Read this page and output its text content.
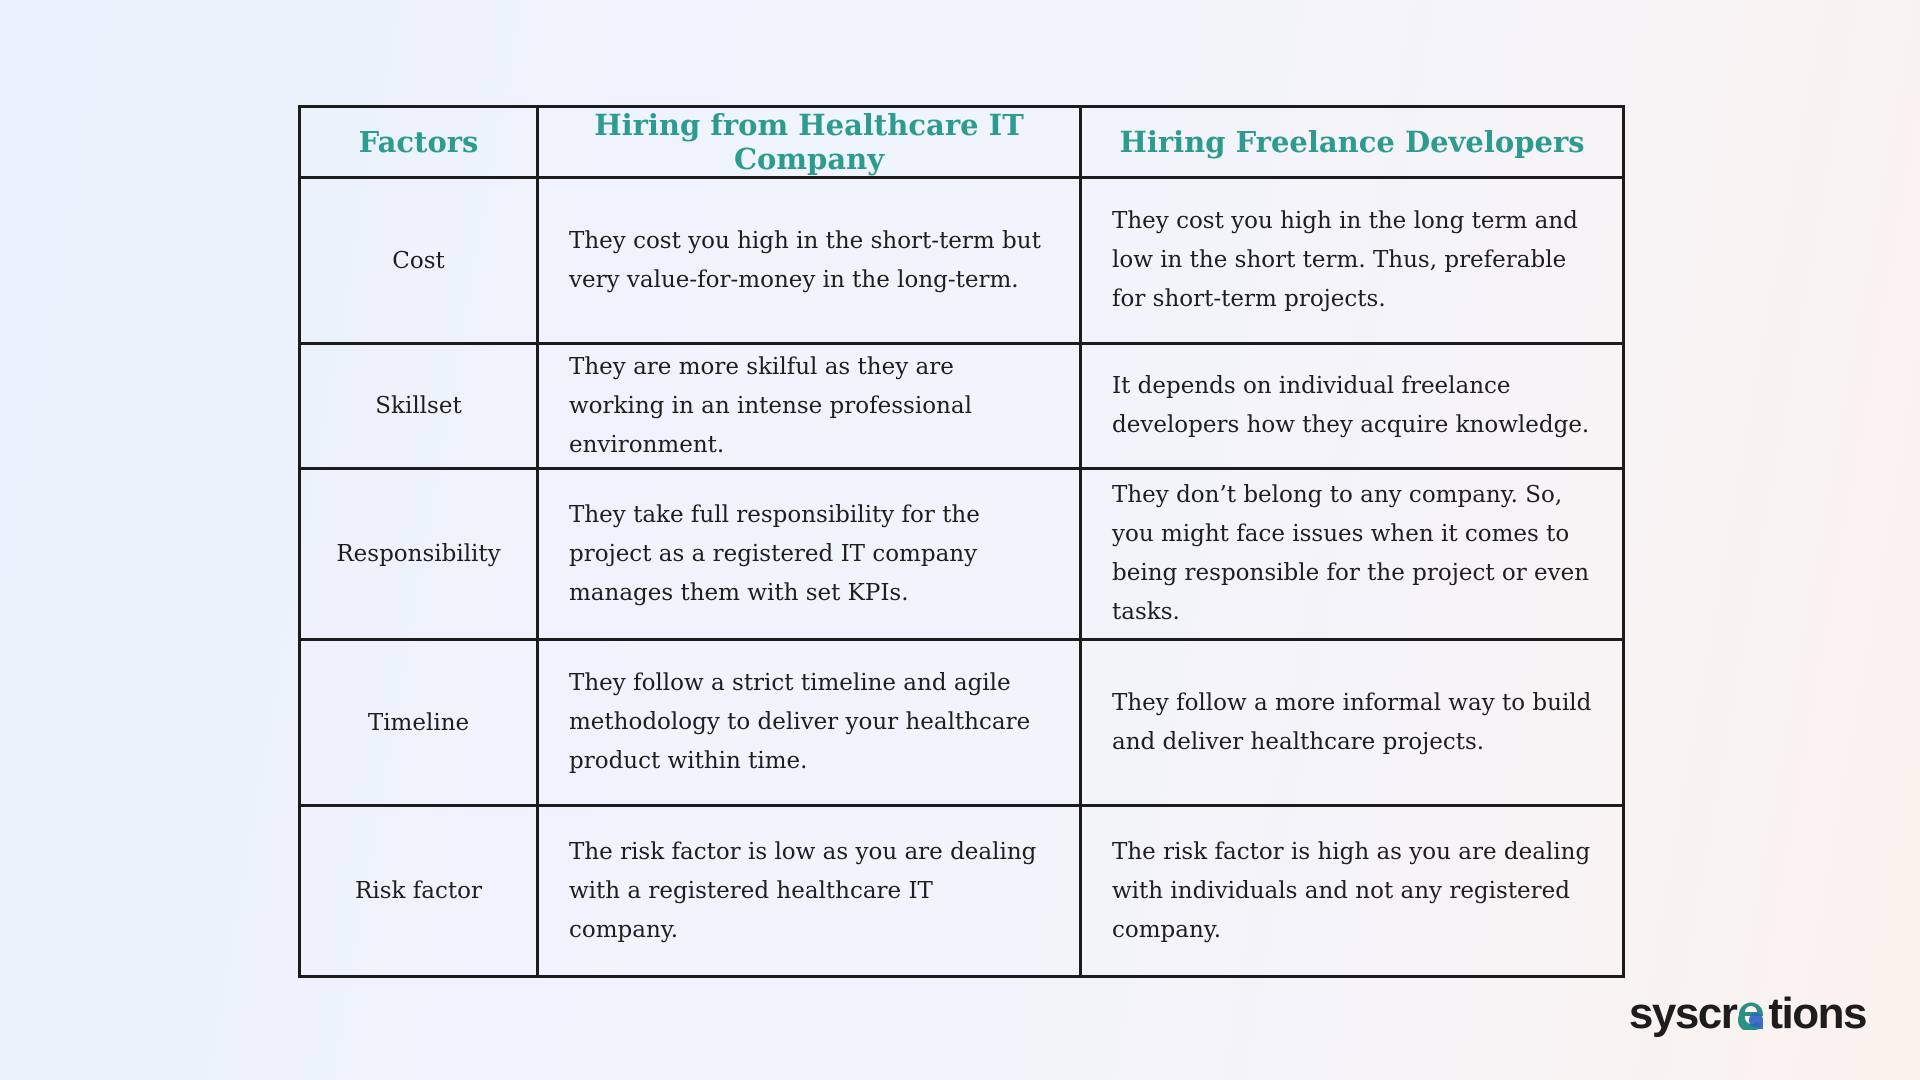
Factors	Hiring from Healthcare IT Company	Hiring Freelance Developers
Cost	They cost you high in the short-term but very value-for-money in the long-term.	They cost you high in the long term and low in the short term. Thus, preferable for short-term projects.
Skillset	They are more skilful as they are working in an intense professional environment.	It depends on individual freelance developers how they acquire knowledge.
Responsibility	They take full responsibility for the project as a registered IT company manages them with set KPIs.	They don’t belong to any company. So, you might face issues when it comes to being responsible for the project or even tasks.
Timeline	They follow a strict timeline and agile methodology to deliver your healthcare product within time.	They follow a more informal way to build and deliver healthcare projects.
Risk factor	The risk factor is low as you are dealing with a registered healthcare IT company.	The risk factor is high as you are dealing with individuals and not any registered company.
syscr tions
